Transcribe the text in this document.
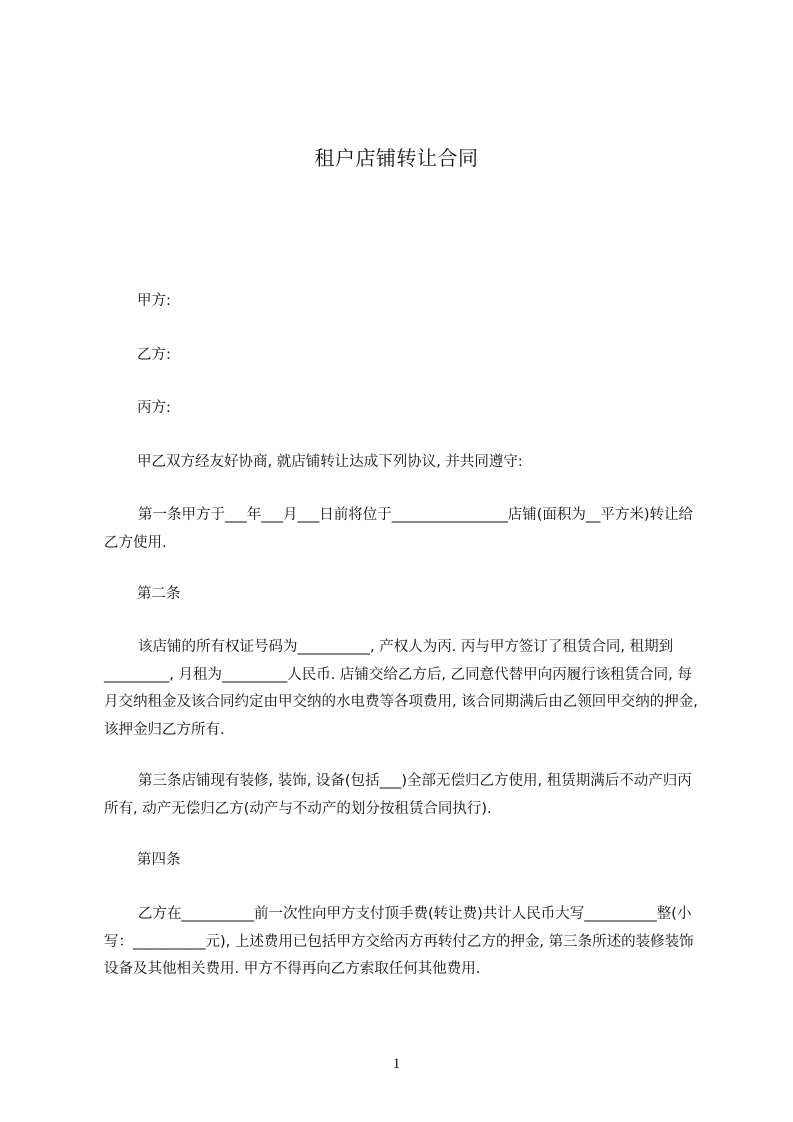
租户店铺转让合同
甲方:
乙方:
丙方:
甲乙双方经友好协商, 就店铺转让达成下列协议, 并共同遵守:
第一条甲方于___年___月___日前将位于________________店铺(面积为__平方米)转让给乙方使用.
第二条
该店铺的所有权证号码为__________, 产权人为丙. 丙与甲方签订了租赁合同, 租期到_________, 月租为_________人民币. 店铺交给乙方后, 乙同意代替甲向丙履行该租赁合同, 每月交纳租金及该合同约定由甲交纳的水电费等各项费用, 该合同期满后由乙领回甲交纳的押金, 该押金归乙方所有.
第三条店铺现有装修, 装饰, 设备(包括___)全部无偿归乙方使用, 租赁期满后不动产归丙所有, 动产无偿归乙方(动产与不动产的划分按租赁合同执行).
第四条
乙方在__________前一次性向甲方支付顶手费(转让费)共计人民币大写__________整(小写：__________元), 上述费用已包括甲方交给丙方再转付乙方的押金, 第三条所述的装修装饰设备及其他相关费用. 甲方不得再向乙方索取任何其他费用.
1
